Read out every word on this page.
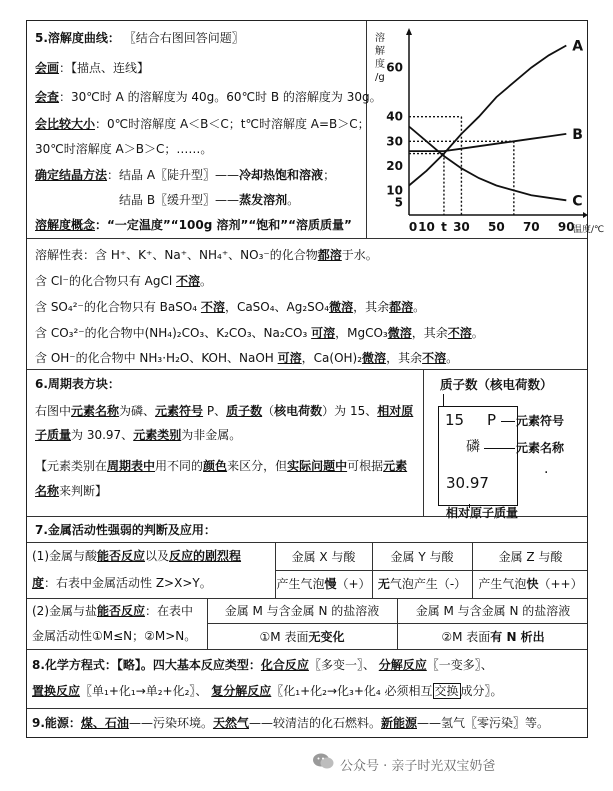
5.溶解度曲线： 〖结合右图回答问题〗
会画：【描点、连线】
会查：30℃时 A 的溶解度为 40g。60℃时 B 的溶解度为 30g。
会比较大小：0℃时溶解度 A＜B＜C；t℃时溶解度 A=B＞C；
30℃时溶解度 A＞B＞C；……。
确定结晶方法：结晶 A〖陡升型〗——冷却热饱和溶液；
结晶 B〖缓升型〗——蒸发溶剂。
溶解度概念：“一定温度”“100g 溶剂”“饱和”“溶质质量”
溶
解
度
/g
5
10
20
30
40
60
0 10 t 30 50 70 90
温度/℃
A
B
C
溶解性表：含 H⁺、K⁺、Na⁺、NH₄⁺、NO₃⁻的化合物都溶于水。
含 Cl⁻的化合物只有 AgCl 不溶。
含 SO₄²⁻的化合物只有 BaSO₄ 不溶，CaSO₄、Ag₂SO₄微溶，其余都溶。
含 CO₃²⁻的化合物中(NH₄)₂CO₃、K₂CO₃、Na₂CO₃ 可溶，MgCO₃微溶，其余不溶。
含 OH⁻的化合物中 NH₃·H₂O、KOH、NaOH 可溶，Ca(OH)₂微溶，其余不溶。
6.周期表方块：
右图中元素名称为磷、元素符号 P、质子数（核电荷数）为 15、相对原
子质量为 30.97、元素类别为非金属。
【元素类别在周期表中用不同的颜色来区分，但实际问题中可根据元素
名称来判断】
质子数（核电荷数）
15 P 元素符号
磷	元素名称
·
30.97
相对原子质量
7.金属活动性强弱的判断及应用：
(1)金属与酸能否反应以及反应的剧烈程
度：右表中金属活动性 Z>X>Y。
金属 X 与酸	金属 Y 与酸	金属 Z 与酸
产生气泡慢（+） 无气泡产生（-）	产生气泡快（++）
(2)金属与盐能否反应：在表中
金属活动性①M≤N；②M>N。
金属 M 与含金属 N 的盐溶液	金属 M 与含金属 N 的盐溶液
①M 表面无变化	②M 表面有 N 析出
8.化学方程式：【略】。四大基本反应类型：化合反应〖多变一〗、 分解反应〖一变多〗、
置换反应〖单₁+化₁→单₂+化₂〗、 复分解反应〖化₁+化₂→化₃+化₄ 必须相互 交换 成分〗。
9.能源：煤、石油——污染环境。天然气——较清洁的化石燃料。新能源——氢气〖零污染〗等。
公众号 · 亲子时光双宝奶爸
